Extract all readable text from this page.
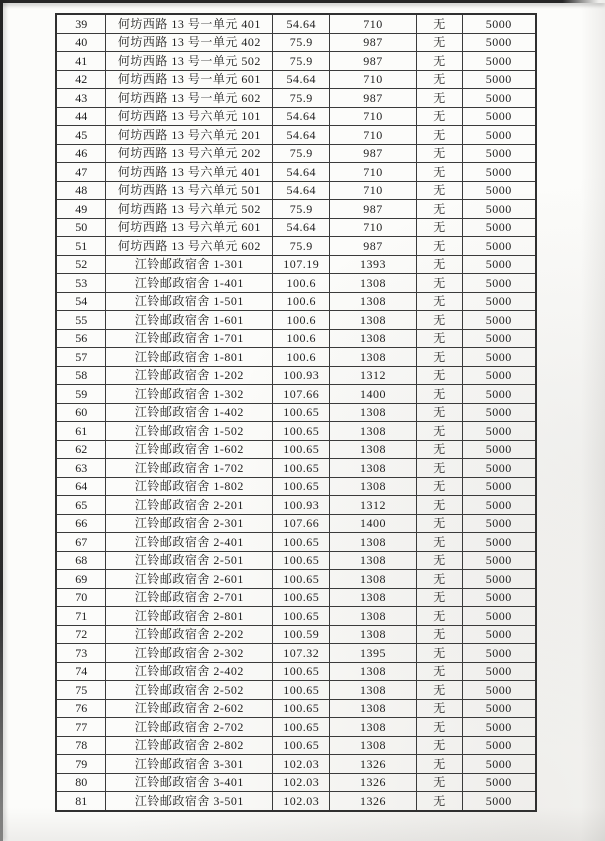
39	何坊西路 13 号一单元 401	54.64	710	无	5000
40	何坊西路 13 号一单元 402	75.9	987	无	5000
41	何坊西路 13 号一单元 502	75.9	987	无	5000
42	何坊西路 13 号一单元 601	54.64	710	无	5000
43	何坊西路 13 号一单元 602	75.9	987	无	5000
44	何坊西路 13 号六单元 101	54.64	710	无	5000
45	何坊西路 13 号六单元 201	54.64	710	无	5000
46	何坊西路 13 号六单元 202	75.9	987	无	5000
47	何坊西路 13 号六单元 401	54.64	710	无	5000
48	何坊西路 13 号六单元 501	54.64	710	无	5000
49	何坊西路 13 号六单元 502	75.9	987	无	5000
50	何坊西路 13 号六单元 601	54.64	710	无	5000
51	何坊西路 13 号六单元 602	75.9	987	无	5000
52	江铃邮政宿舍 1-301	107.19	1393	无	5000
53	江铃邮政宿舍 1-401	100.6	1308	无	5000
54	江铃邮政宿舍 1-501	100.6	1308	无	5000
55	江铃邮政宿舍 1-601	100.6	1308	无	5000
56	江铃邮政宿舍 1-701	100.6	1308	无	5000
57	江铃邮政宿舍 1-801	100.6	1308	无	5000
58	江铃邮政宿舍 1-202	100.93	1312	无	5000
59	江铃邮政宿舍 1-302	107.66	1400	无	5000
60	江铃邮政宿舍 1-402	100.65	1308	无	5000
61	江铃邮政宿舍 1-502	100.65	1308	无	5000
62	江铃邮政宿舍 1-602	100.65	1308	无	5000
63	江铃邮政宿舍 1-702	100.65	1308	无	5000
64	江铃邮政宿舍 1-802	100.65	1308	无	5000
65	江铃邮政宿舍 2-201	100.93	1312	无	5000
66	江铃邮政宿舍 2-301	107.66	1400	无	5000
67	江铃邮政宿舍 2-401	100.65	1308	无	5000
68	江铃邮政宿舍 2-501	100.65	1308	无	5000
69	江铃邮政宿舍 2-601	100.65	1308	无	5000
70	江铃邮政宿舍 2-701	100.65	1308	无	5000
71	江铃邮政宿舍 2-801	100.65	1308	无	5000
72	江铃邮政宿舍 2-202	100.59	1308	无	5000
73	江铃邮政宿舍 2-302	107.32	1395	无	5000
74	江铃邮政宿舍 2-402	100.65	1308	无	5000
75	江铃邮政宿舍 2-502	100.65	1308	无	5000
76	江铃邮政宿舍 2-602	100.65	1308	无	5000
77	江铃邮政宿舍 2-702	100.65	1308	无	5000
78	江铃邮政宿舍 2-802	100.65	1308	无	5000
79	江铃邮政宿舍 3-301	102.03	1326	无	5000
80	江铃邮政宿舍 3-401	102.03	1326	无	5000
81	江铃邮政宿舍 3-501	102.03	1326	无	5000
